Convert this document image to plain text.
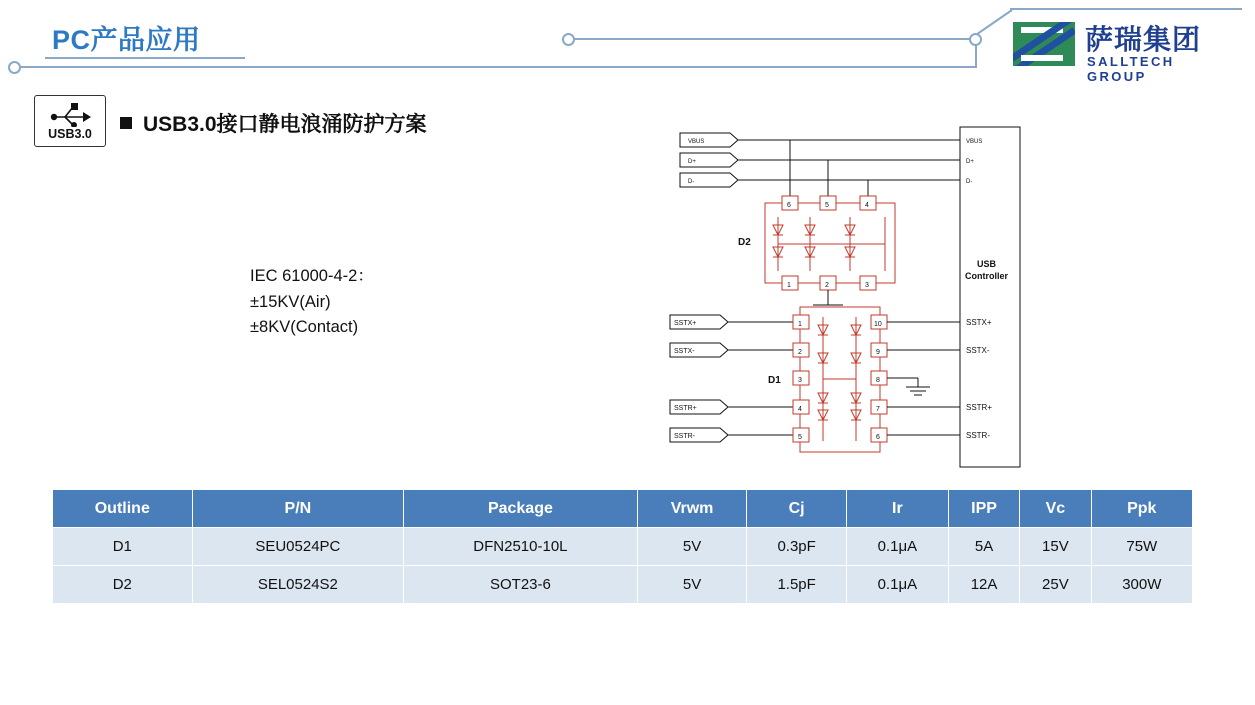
PC产品应用	萨瑞集团
SALLTECH GROUP
USB3.0	USB3.0接口静电浪涌防护方案
IEC 61000-4-2：
±15KV(Air)
±8KV(Contact)
VBUS
D+
D-
SSTX+
SSTX-
SSTR+
SSTR-
VBUS
D+
D-
SSTX+
SSTX-
SSTR+
SSTR-
USB
Controller
D2
D1
6	5	4
1	2	3
1
2
3
4
5
10
9
8
7
6
Outline	P/N	Package	Vrwm	Cj	Ir	IPP	Vc	Ppk
D1	SEU0524PC	DFN2510-10L	5V	0.3pF	0.1μA	5A	15V	75W
D2	SEL0524S2	SOT23-6	5V	1.5pF	0.1μA	12A	25V	300W
